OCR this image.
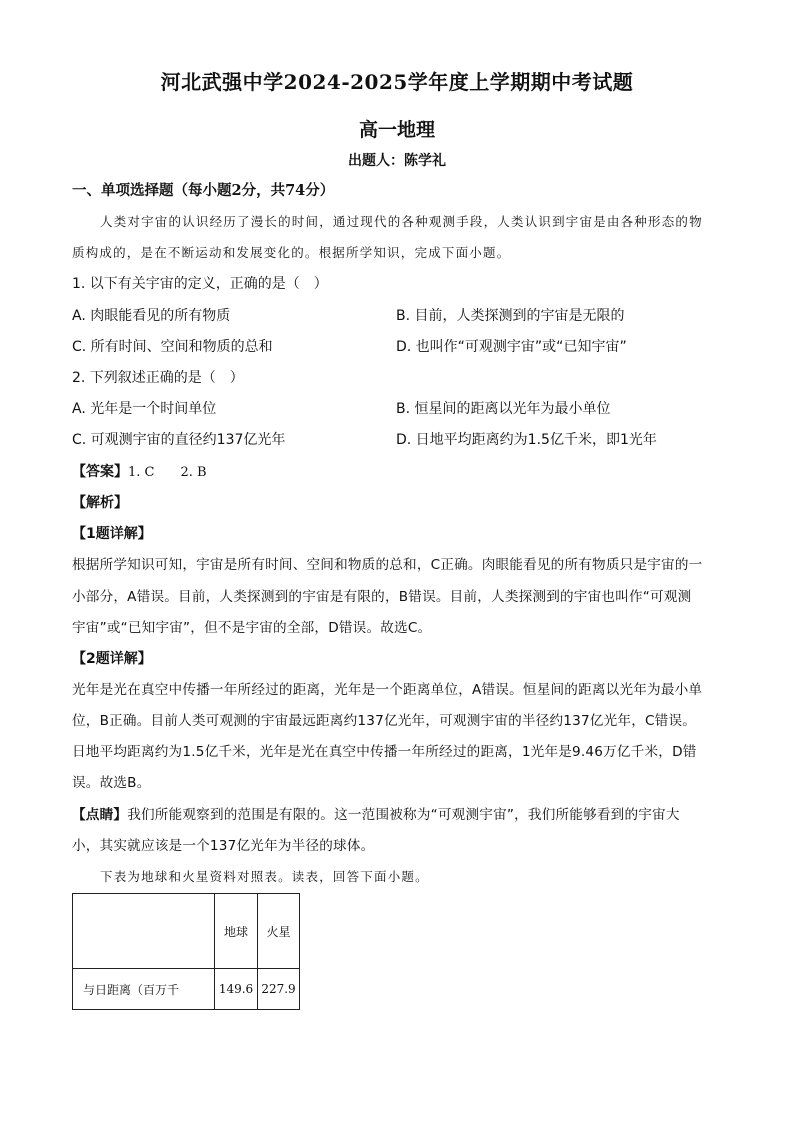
河北武强中学2024-2025学年度上学期期中考试题
高一地理
出题人：陈学礼
一、单项选择题（每小题2分，共74分）
人类对宇宙的认识经历了漫长的时间，通过现代的各种观测手段，人类认识到宇宙是由各种形态的物
质构成的，是在不断运动和发展变化的。根据所学知识，完成下面小题。
1. 以下有关宇宙的定义，正确的是（　）
A. 肉眼能看见的所有物质	B. 目前，人类探测到的宇宙是无限的
C. 所有时间、空间和物质的总和	D. 也叫作“可观测宇宙”或“已知宇宙”
2. 下列叙述正确的是（　）
A. 光年是一个时间单位	B. 恒星间的距离以光年为最小单位
C. 可观测宇宙的直径约137亿光年	D. 日地平均距离约为1.5亿千米，即1光年
【答案】1. C　　2. B
【解析】
【1题详解】
根据所学知识可知，宇宙是所有时间、空间和物质的总和，C正确。肉眼能看见的所有物质只是宇宙的一
小部分，A错误。目前，人类探测到的宇宙是有限的，B错误。目前，人类探测到的宇宙也叫作“可观测
宇宙”或“已知宇宙”，但不是宇宙的全部，D错误。故选C。
【2题详解】
光年是光在真空中传播一年所经过的距离，光年是一个距离单位，A错误。恒星间的距离以光年为最小单
位，B正确。目前人类可观测的宇宙最远距离约137亿光年，可观测宇宙的半径约137亿光年，C错误。
日地平均距离约为1.5亿千米，光年是光在真空中传播一年所经过的距离，1光年是9.46万亿千米，D错
误。故选B。
【点睛】我们所能观察到的范围是有限的。这一范围被称为“可观测宇宙”，我们所能够看到的宇宙大
小，其实就应该是一个137亿光年为半径的球体。
下表为地球和火星资料对照表。读表，回答下面小题。
	地球	火星
与日距离（百万千	149.6	227.9
